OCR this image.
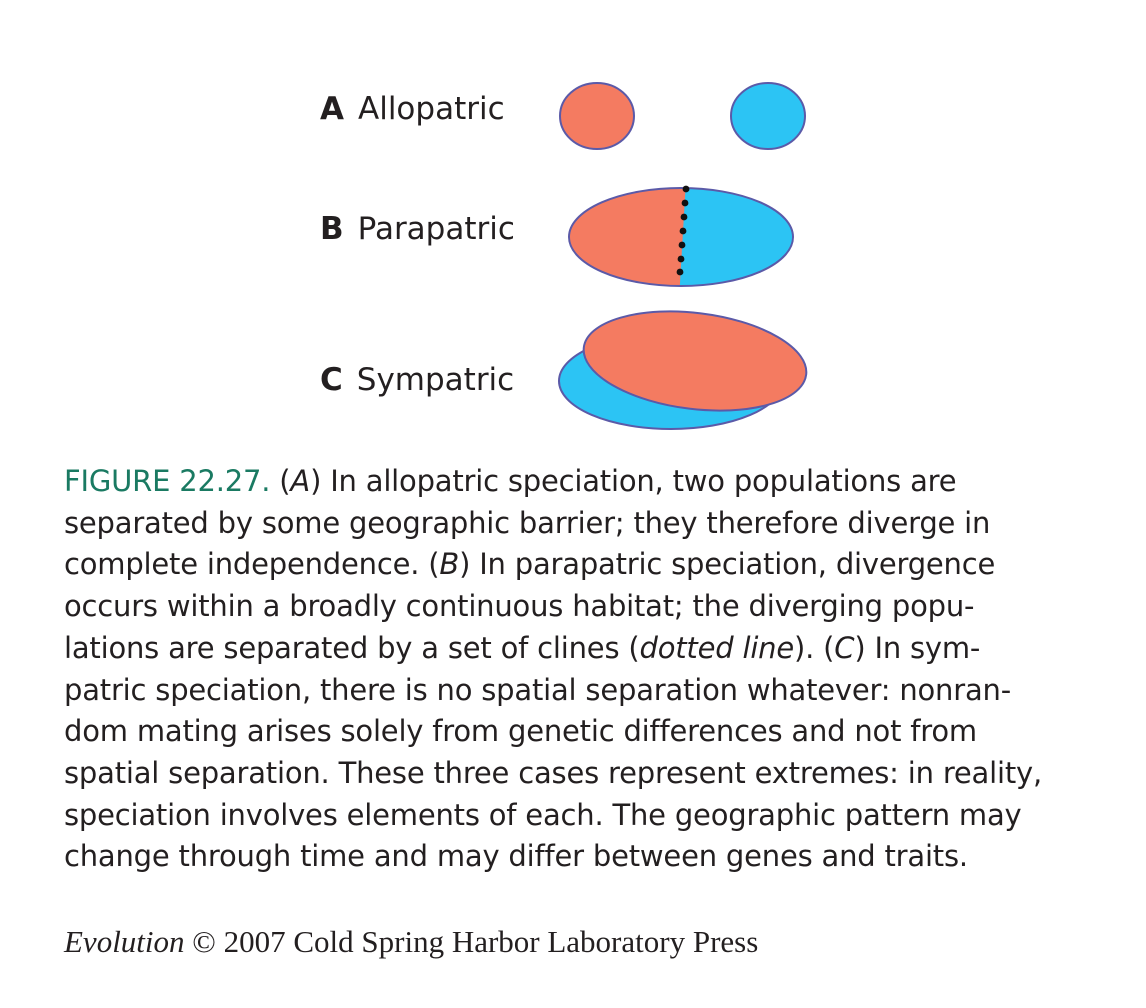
A Allopatric
B Parapatric
C Sympatric
FIGURE 22.27. (A) In allopatric speciation, two populations are
separated by some geographic barrier; they therefore diverge in
complete independence. (B) In parapatric speciation, divergence
occurs within a broadly continuous habitat; the diverging popu-
lations are separated by a set of clines (dotted line). (C) In sym-
patric speciation, there is no spatial separation whatever: nonran-
dom mating arises solely from genetic differences and not from
spatial separation. These three cases represent extremes: in reality,
speciation involves elements of each. The geographic pattern may
change through time and may differ between genes and traits.
Evolution © 2007 Cold Spring Harbor Laboratory Press
